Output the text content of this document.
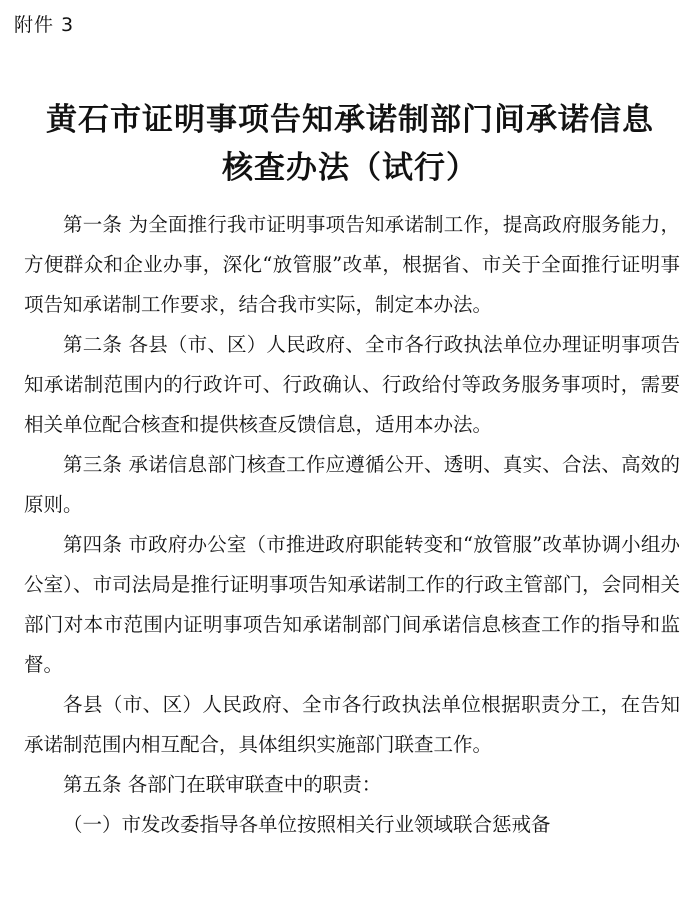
附件 3
黄石市证明事项告知承诺制部门间承诺信息
核查办法（试行）

第一条 为全面推行我市证明事项告知承诺制工作，提高政府服务能力，方便群众和企业办事，深化“放管服”改革，根据省、市关于全面推行证明事项告知承诺制工作要求，结合我市实际，制定本办法。

第二条 各县（市、区）人民政府、全市各行政执法单位办理证明事项告知承诺制范围内的行政许可、行政确认、行政给付等政务服务事项时，需要相关单位配合核查和提供核查反馈信息，适用本办法。

第三条 承诺信息部门核查工作应遵循公开、透明、真实、合法、高效的原则。

第四条 市政府办公室（市推进政府职能转变和“放管服”改革协调小组办公室）、市司法局是推行证明事项告知承诺制工作的行政主管部门，会同相关部门对本市范围内证明事项告知承诺制部门间承诺信息核查工作的指导和监督。

各县（市、区）人民政府、全市各行政执法单位根据职责分工，在告知承诺制范围内相互配合，具体组织实施部门联查工作。

第五条 各部门在联审联查中的职责：

（一）市发改委指导各单位按照相关行业领域联合惩戒备
